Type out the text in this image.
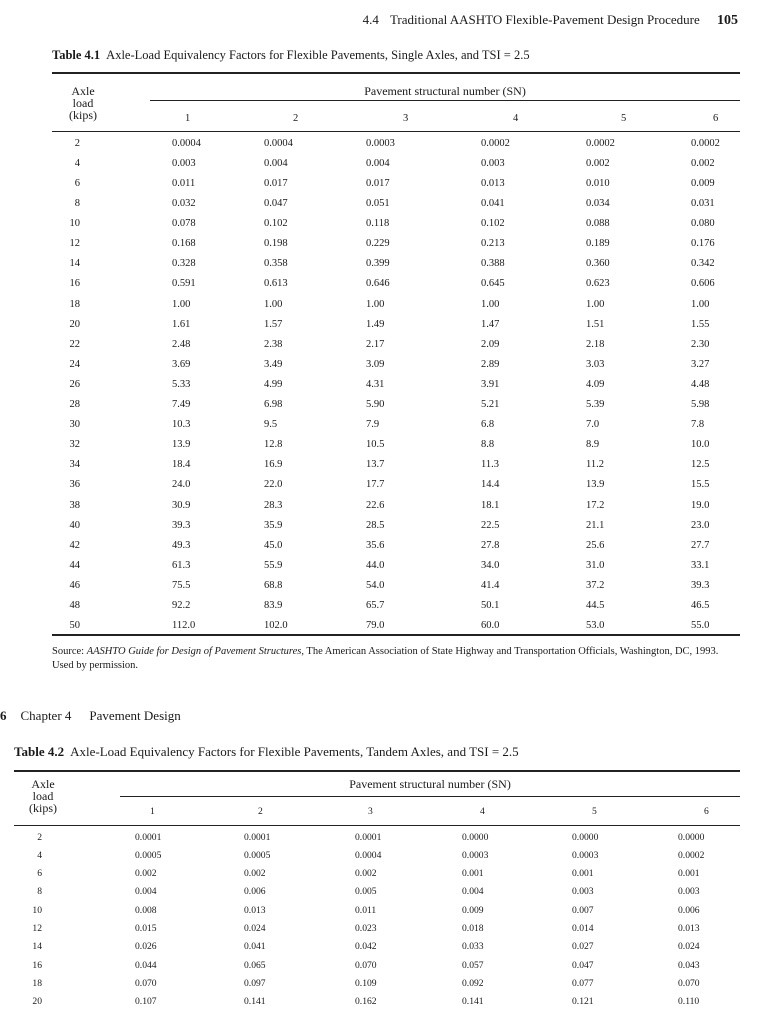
4.4 Traditional AASHTO Flexible-Pavement Design Procedure 105
Table 4.1 Axle-Load Equivalency Factors for Flexible Pavements, Single Axles, and TSI = 2.5
Axle
load
(kips)
Pavement structural number (SN)
1	2	3	4	5	6
2	0.0004	0.0004	0.0003	0.0002	0.0002	0.0002
4	0.003	0.004	0.004	0.003	0.002	0.002
6	0.011	0.017	0.017	0.013	0.010	0.009
8	0.032	0.047	0.051	0.041	0.034	0.031
10	0.078	0.102	0.118	0.102	0.088	0.080
12	0.168	0.198	0.229	0.213	0.189	0.176
14	0.328	0.358	0.399	0.388	0.360	0.342
16	0.591	0.613	0.646	0.645	0.623	0.606
18	1.00	1.00	1.00	1.00	1.00	1.00
20	1.61	1.57	1.49	1.47	1.51	1.55
22	2.48	2.38	2.17	2.09	2.18	2.30
24	3.69	3.49	3.09	2.89	3.03	3.27
26	5.33	4.99	4.31	3.91	4.09	4.48
28	7.49	6.98	5.90	5.21	5.39	5.98
30	10.3	9.5	7.9	6.8	7.0	7.8
32	13.9	12.8	10.5	8.8	8.9	10.0
34	18.4	16.9	13.7	11.3	11.2	12.5
36	24.0	22.0	17.7	14.4	13.9	15.5
38	30.9	28.3	22.6	18.1	17.2	19.0
40	39.3	35.9	28.5	22.5	21.1	23.0
42	49.3	45.0	35.6	27.8	25.6	27.7
44	61.3	55.9	44.0	34.0	31.0	33.1
46	75.5	68.8	54.0	41.4	37.2	39.3
48	92.2	83.9	65.7	50.1	44.5	46.5
50	112.0	102.0	79.0	60.0	53.0	55.0
Source: AASHTO Guide for Design of Pavement Structures, The American Association of State Highway and Transportation Officials, Washington, DC, 1993. Used by permission.
6 Chapter 4 Pavement Design
Table 4.2 Axle-Load Equivalency Factors for Flexible Pavements, Tandem Axles, and TSI = 2.5
Axle
load
(kips)
Pavement structural number (SN)
1	2	3	4	5	6
2	0.0001	0.0001	0.0001	0.0000	0.0000	0.0000
4	0.0005	0.0005	0.0004	0.0003	0.0003	0.0002
6	0.002	0.002	0.002	0.001	0.001	0.001
8	0.004	0.006	0.005	0.004	0.003	0.003
10	0.008	0.013	0.011	0.009	0.007	0.006
12	0.015	0.024	0.023	0.018	0.014	0.013
14	0.026	0.041	0.042	0.033	0.027	0.024
16	0.044	0.065	0.070	0.057	0.047	0.043
18	0.070	0.097	0.109	0.092	0.077	0.070
20	0.107	0.141	0.162	0.141	0.121	0.110
